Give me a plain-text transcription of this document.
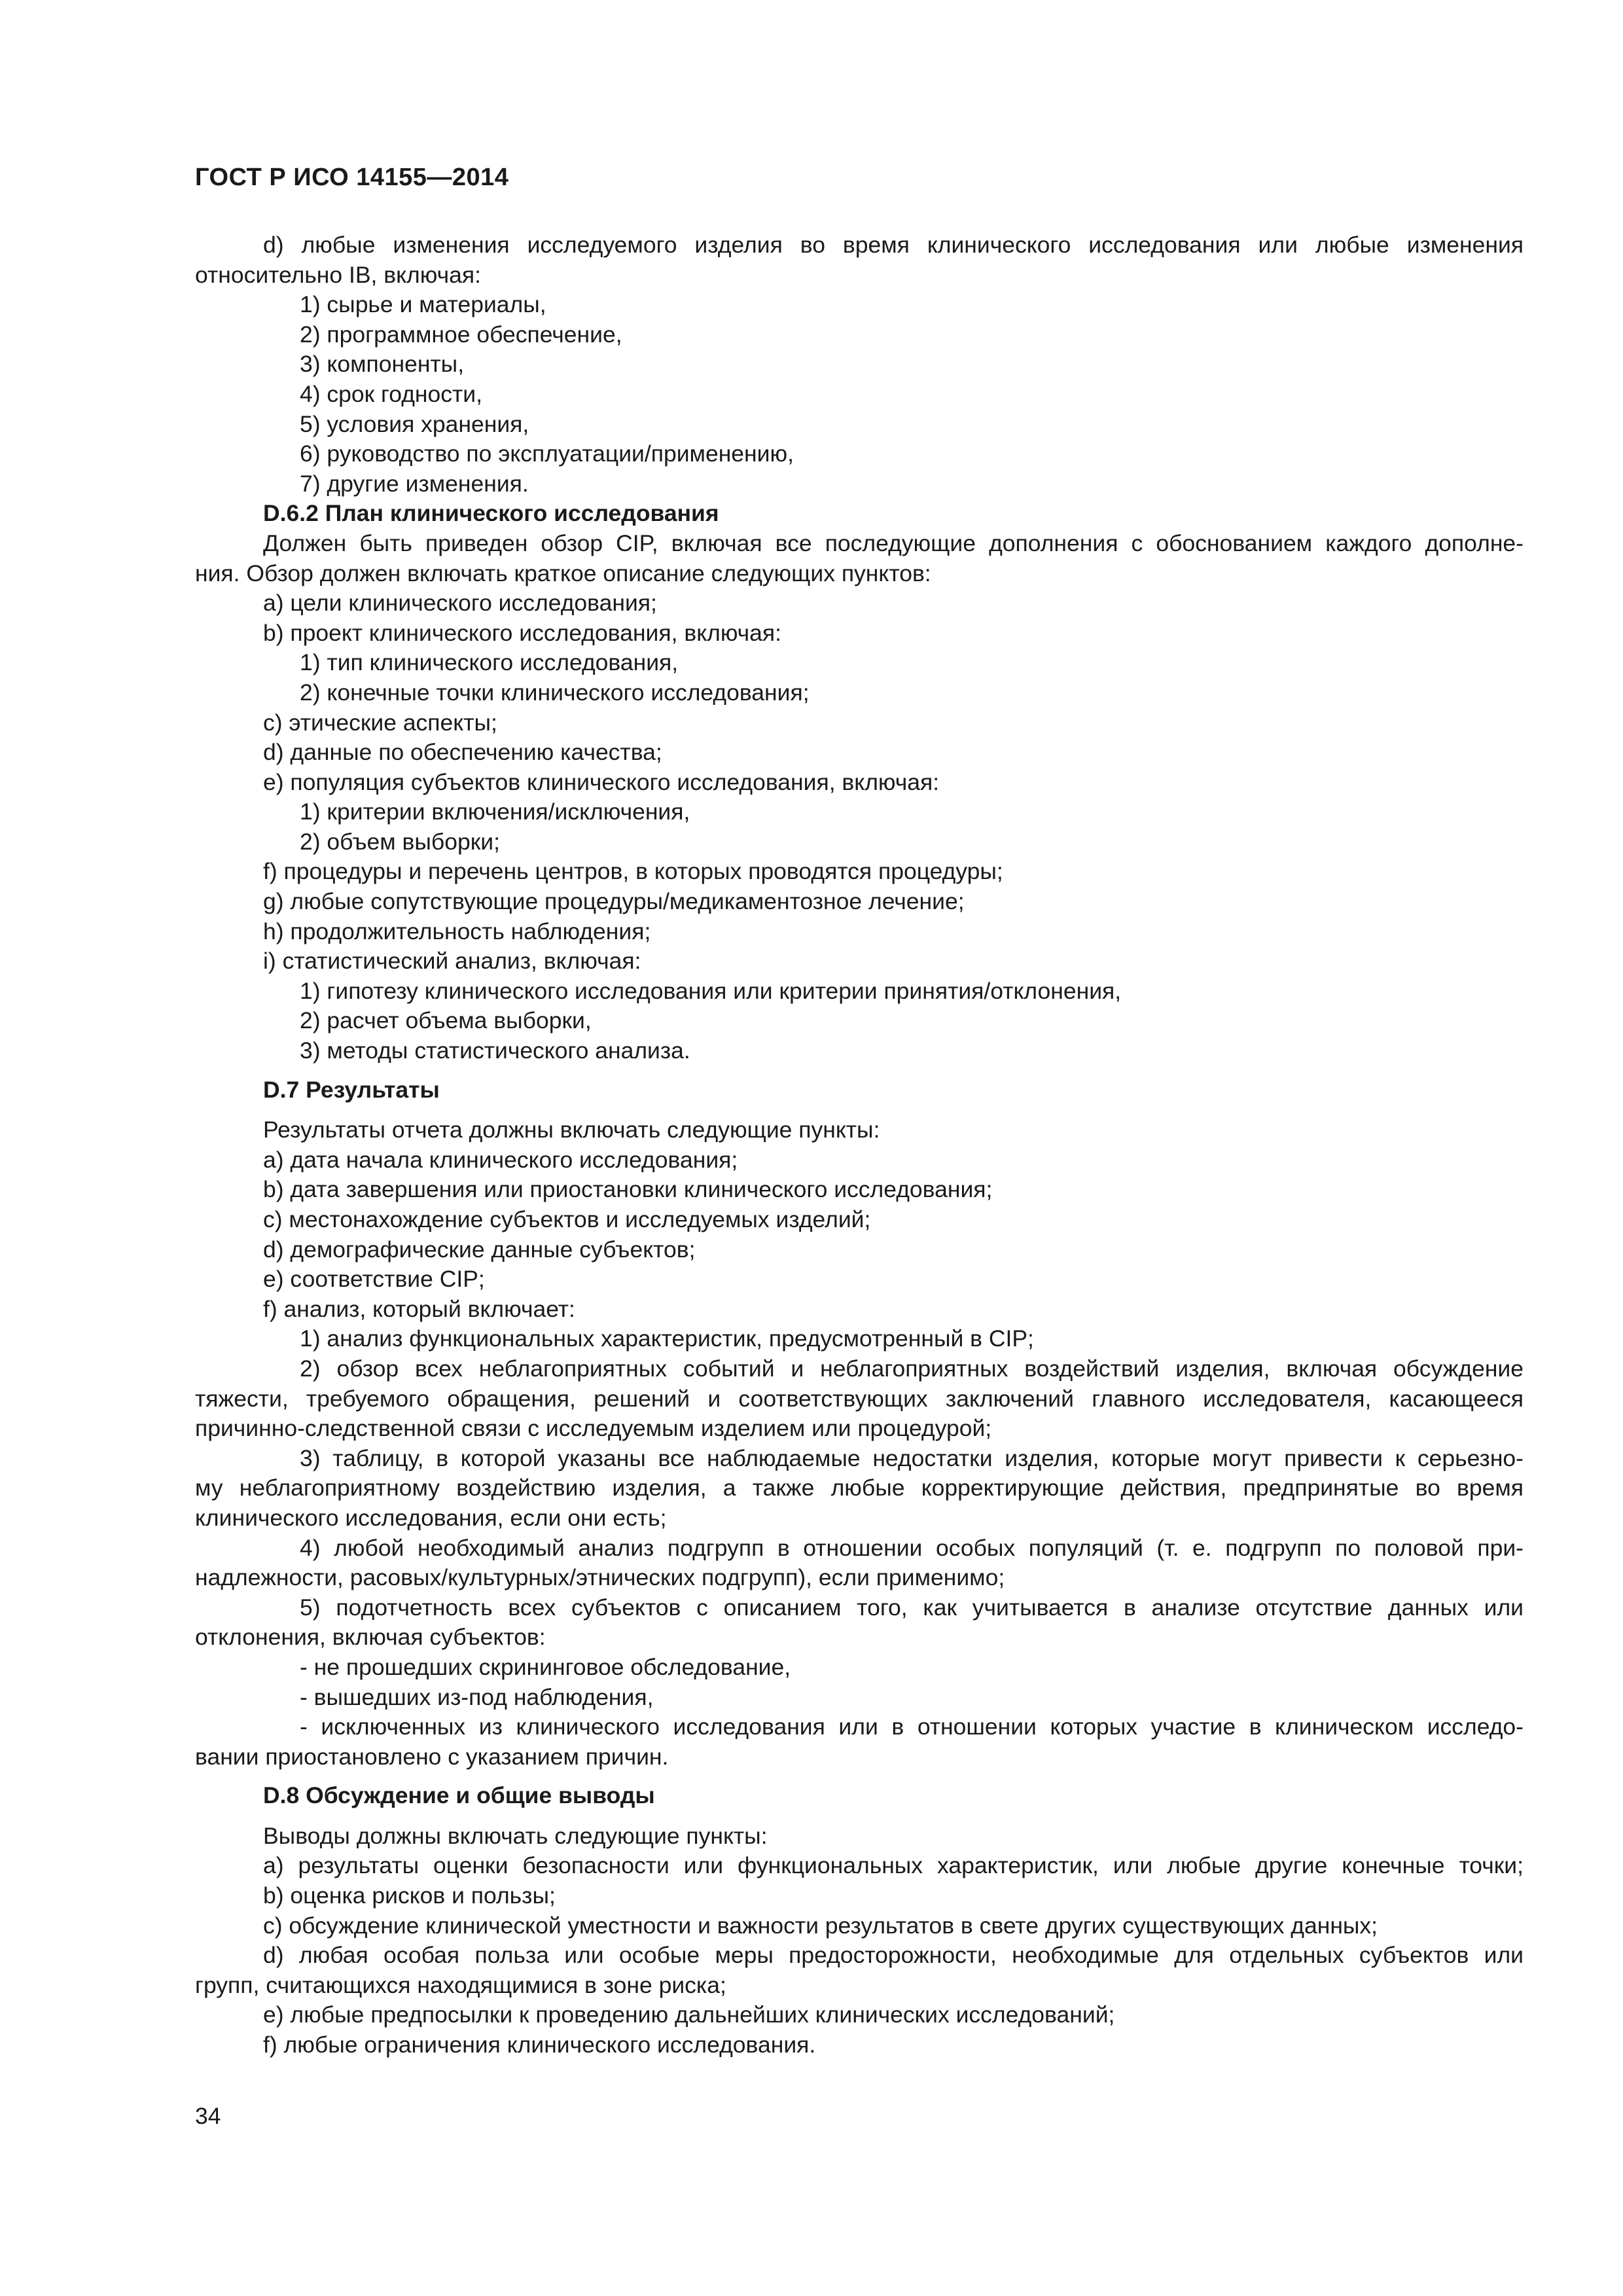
ГОСТ Р ИСО 14155—2014
d) любые изменения исследуемого изделия во время клинического исследования или любые изменения
относительно IB, включая:
1) сырье и материалы,
2) программное обеспечение,
3) компоненты,
4) срок годности,
5) условия хранения,
6) руководство по эксплуатации/применению,
7) другие изменения.
D.6.2 План клинического исследования
Должен быть приведен обзор CIP, включая все последующие дополнения с обоснованием каждого дополне-
ния. Обзор должен включать краткое описание следующих пунктов:
а) цели клинического исследования;
b) проект клинического исследования, включая:
1) тип клинического исследования,
2) конечные точки клинического исследования;
с) этические аспекты;
d) данные по обеспечению качества;
е) популяция субъектов клинического исследования, включая:
1) критерии включения/исключения,
2) объем выборки;
f) процедуры и перечень центров, в которых проводятся процедуры;
g) любые сопутствующие процедуры/медикаментозное лечение;
h) продолжительность наблюдения;
i) статистический анализ, включая:
1) гипотезу клинического исследования или критерии принятия/отклонения,
2) расчет объема выборки,
3) методы статистического анализа.
D.7 Результаты
Результаты отчета должны включать следующие пункты:
а) дата начала клинического исследования;
b) дата завершения или приостановки клинического исследования;
с) местонахождение субъектов и исследуемых изделий;
d) демографические данные субъектов;
е) соответствие CIP;
f) анализ, который включает:
1) анализ функциональных характеристик, предусмотренный в CIP;
2) обзор всех неблагоприятных событий и неблагоприятных воздействий изделия, включая обсуждение
тяжести, требуемого обращения, решений и соответствующих заключений главного исследователя, касающееся
причинно-следственной связи с исследуемым изделием или процедурой;
3) таблицу, в которой указаны все наблюдаемые недостатки изделия, которые могут привести к серьезно-
му неблагоприятному воздействию изделия, а также любые корректирующие действия, предпринятые во время
клинического исследования, если они есть;
4) любой необходимый анализ подгрупп в отношении особых популяций (т. е. подгрупп по половой при-
надлежности, расовых/культурных/этнических подгрупп), если применимо;
5) подотчетность всех субъектов с описанием того, как учитывается в анализе отсутствие данных или
отклонения, включая субъектов:
- не прошедших скрининговое обследование,
- вышедших из-под наблюдения,
- исключенных из клинического исследования или в отношении которых участие в клиническом исследо-
вании приостановлено с указанием причин.
D.8 Обсуждение и общие выводы
Выводы должны включать следующие пункты:
а) результаты оценки безопасности или функциональных характеристик, или любые другие конечные точки;
b) оценка рисков и пользы;
с) обсуждение клинической уместности и важности результатов в свете других существующих данных;
d) любая особая польза или особые меры предосторожности, необходимые для отдельных субъектов или
групп, считающихся находящимися в зоне риска;
е) любые предпосылки к проведению дальнейших клинических исследований;
f) любые ограничения клинического исследования.
34
